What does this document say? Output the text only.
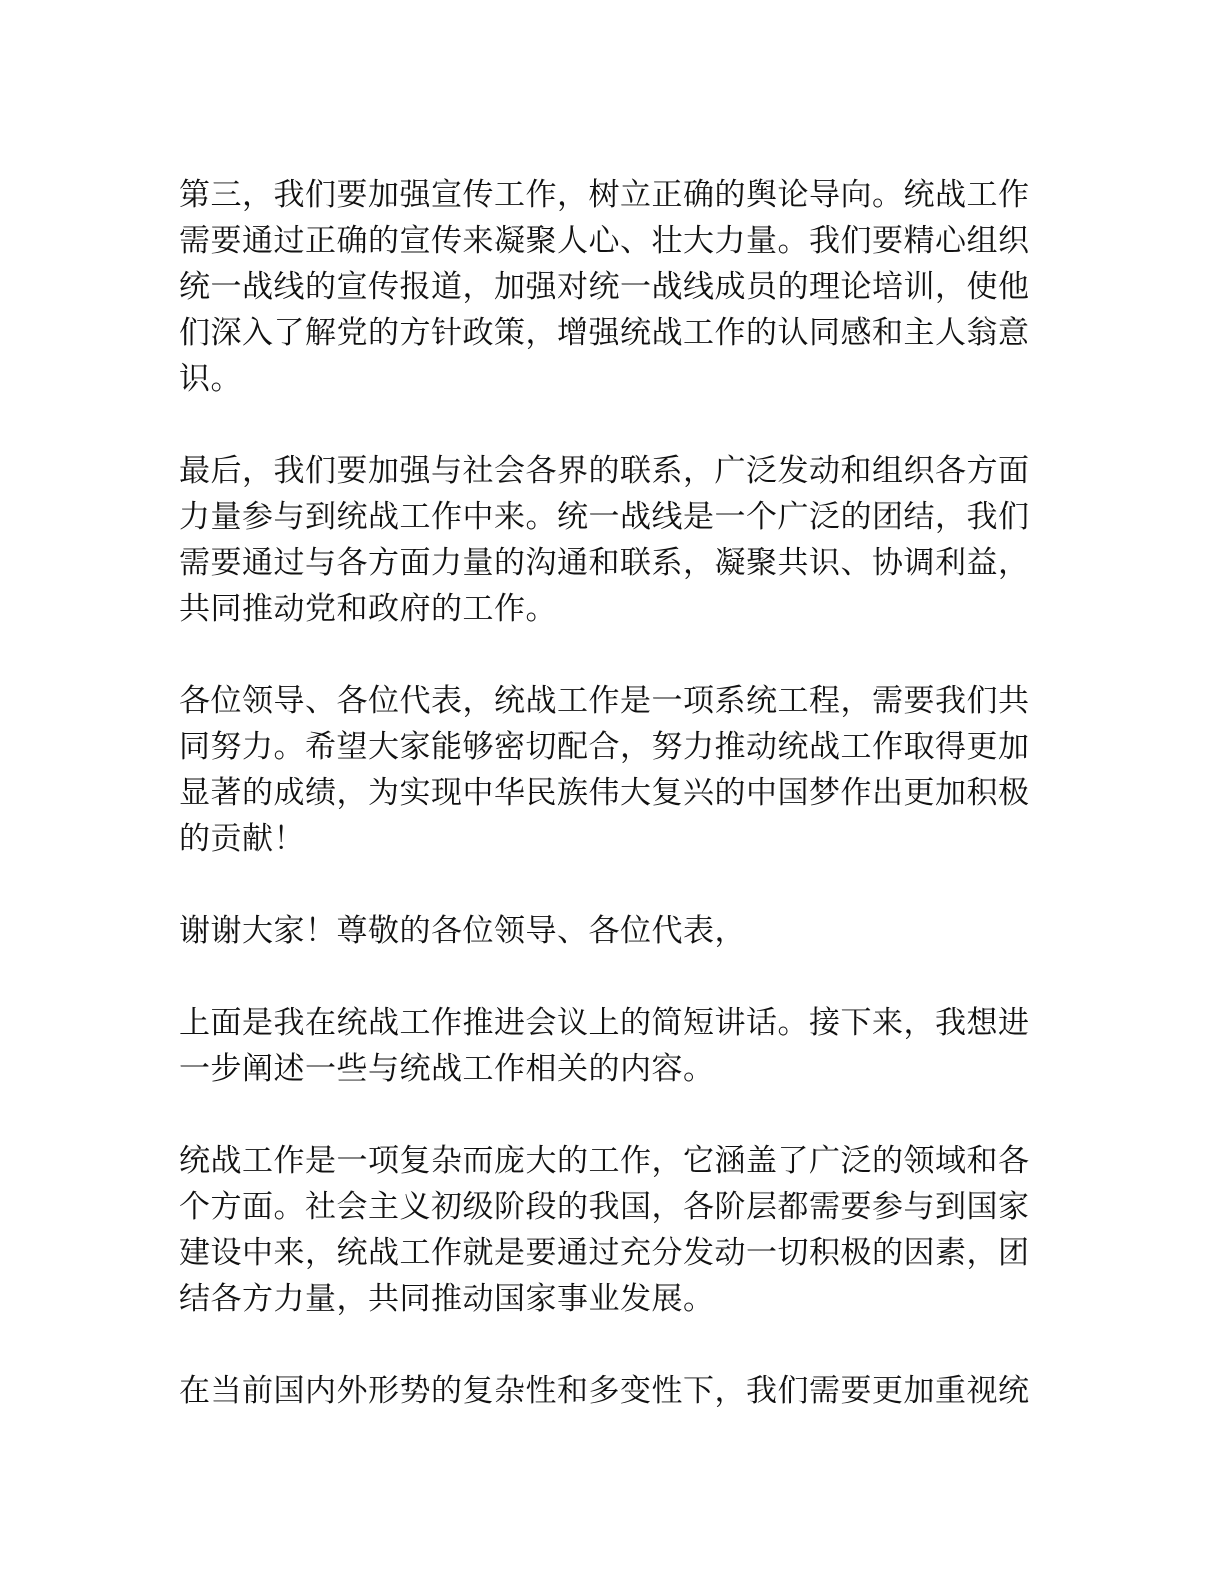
第三，我们要加强宣传工作，树立正确的舆论导向。统战工作需要通过正确的宣传来凝聚人心、壮大力量。我们要精心组织统一战线的宣传报道，加强对统一战线成员的理论培训，使他们深入了解党的方针政策，增强统战工作的认同感和主人翁意识。

最后，我们要加强与社会各界的联系，广泛发动和组织各方面力量参与到统战工作中来。统一战线是一个广泛的团结，我们需要通过与各方面力量的沟通和联系，凝聚共识、协调利益，共同推动党和政府的工作。

各位领导、各位代表，统战工作是一项系统工程，需要我们共同努力。希望大家能够密切配合，努力推动统战工作取得更加显著的成绩，为实现中华民族伟大复兴的中国梦作出更加积极的贡献！

谢谢大家！尊敬的各位领导、各位代表，

上面是我在统战工作推进会议上的简短讲话。接下来，我想进一步阐述一些与统战工作相关的内容。

统战工作是一项复杂而庞大的工作，它涵盖了广泛的领域和各个方面。社会主义初级阶段的我国，各阶层都需要参与到国家建设中来，统战工作就是要通过充分发动一切积极的因素，团结各方力量，共同推动国家事业发展。

在当前国内外形势的复杂性和多变性下，我们需要更加重视统
